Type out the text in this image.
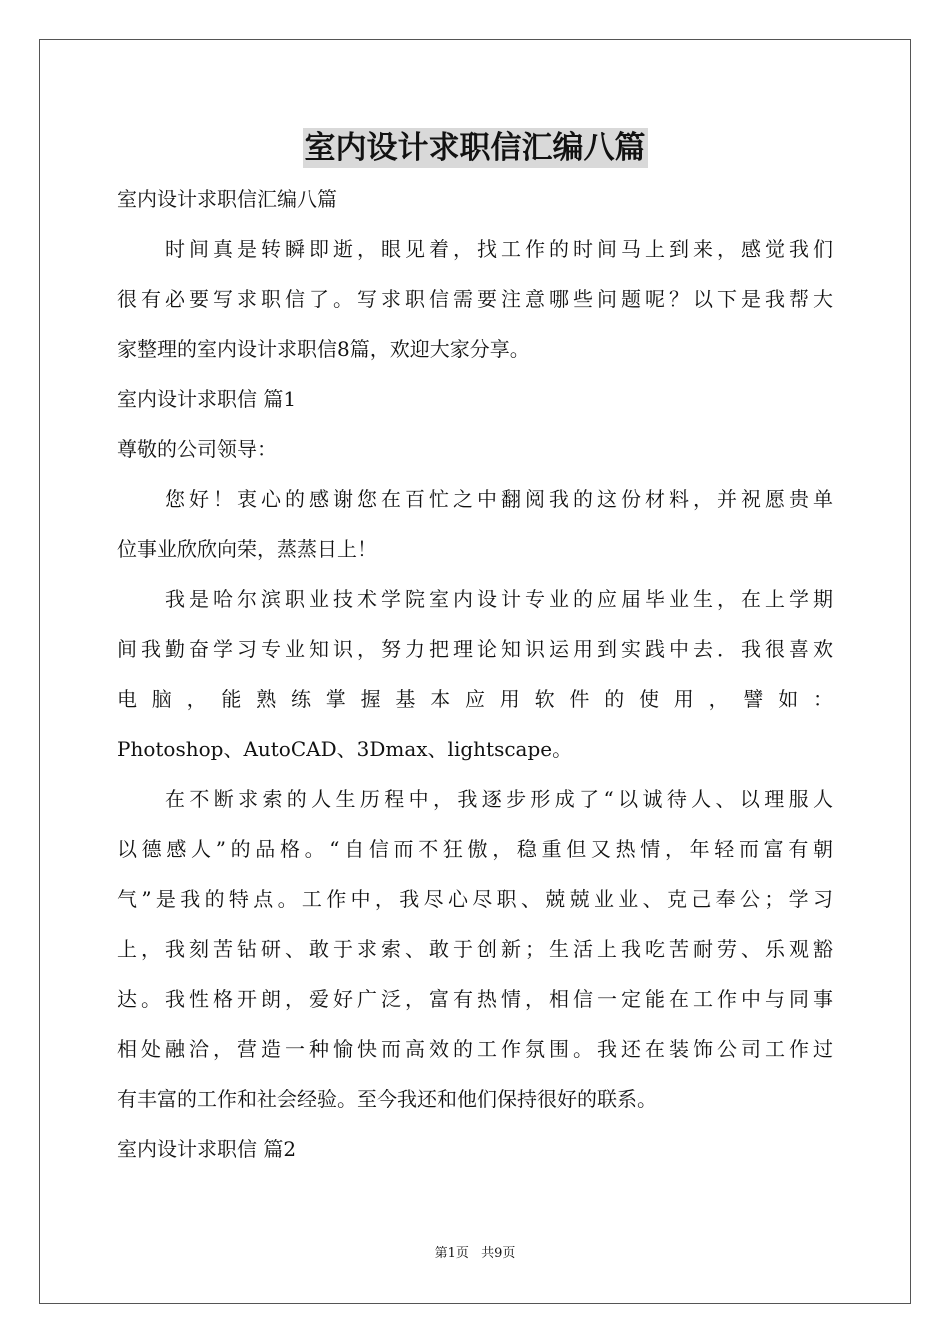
室内设计求职信汇编八篇
室内设计求职信汇编八篇
时间真是转瞬即逝，眼见着，找工作的时间马上到来，感觉我们
很有必要写求职信了。写求职信需要注意哪些问题呢？以下是我帮大
家整理的室内设计求职信8篇，欢迎大家分享。
室内设计求职信 篇1
尊敬的公司领导：
您好！衷心的感谢您在百忙之中翻阅我的这份材料，并祝愿贵单
位事业欣欣向荣，蒸蒸日上！
我是哈尔滨职业技术学院室内设计专业的应届毕业生，在上学期
间我勤奋学习专业知识，努力把理论知识运用到实践中去．我很喜欢
电脑，能熟练掌握基本应用软件的使用，譬如：
Photoshop、AutoCAD、3Dmax、lightscape。
在不断求索的人生历程中，我逐步形成了“以诚待人、以理服人
以德感人”的品格。“自信而不狂傲，稳重但又热情，年轻而富有朝
气”是我的特点。工作中，我尽心尽职、兢兢业业、克己奉公；学习
上，我刻苦钻研、敢于求索、敢于创新；生活上我吃苦耐劳、乐观豁
达。我性格开朗，爱好广泛，富有热情，相信一定能在工作中与同事
相处融洽，营造一种愉快而高效的工作氛围。我还在装饰公司工作过
有丰富的工作和社会经验。至今我还和他们保持很好的联系。
室内设计求职信 篇2
第1页 共9页
